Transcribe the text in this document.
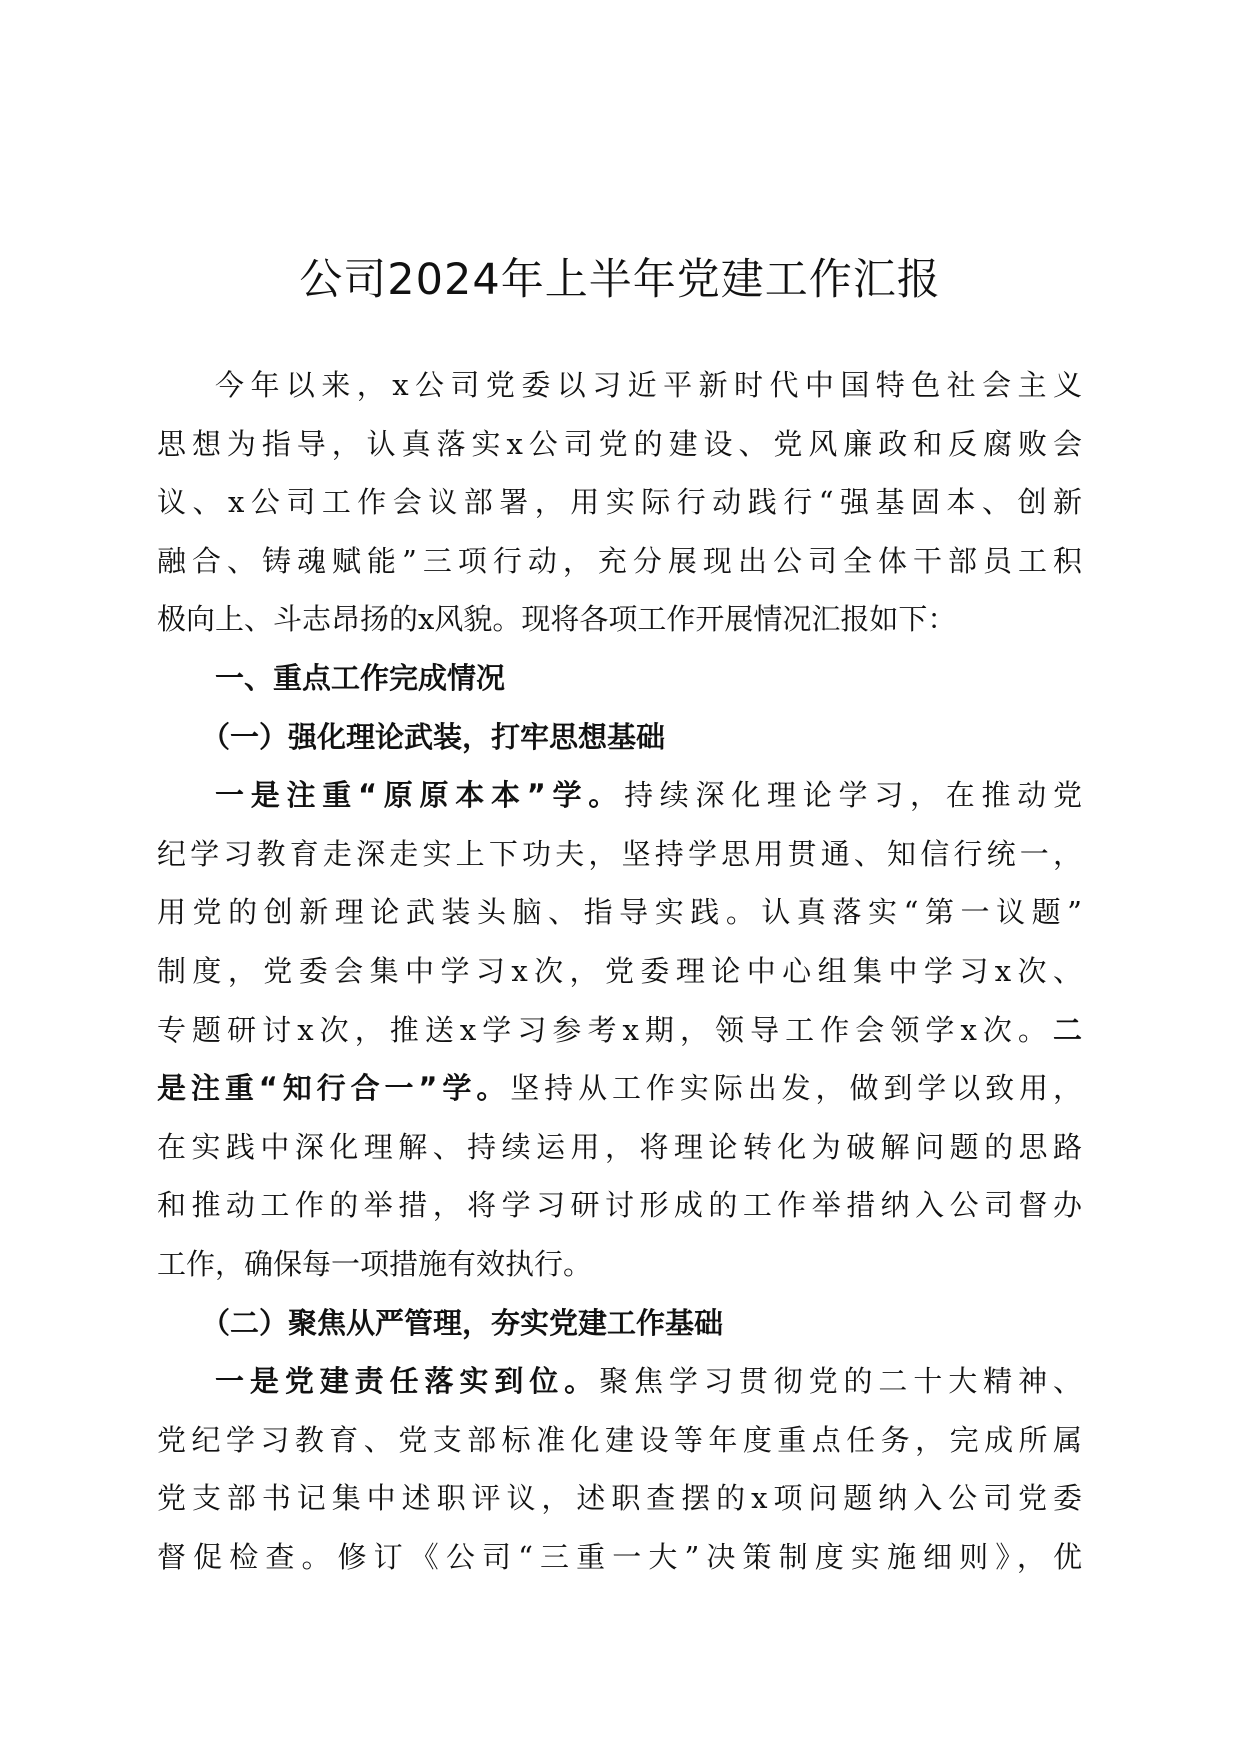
公司2024年上半年党建工作汇报
今年以来，x公司党委以习近平新时代中国特色社会主义
思想为指导，认真落实x公司党的建设、党风廉政和反腐败会
议、x公司工作会议部署，用实际行动践行“强基固本、创新
融合、铸魂赋能”三项行动，充分展现出公司全体干部员工积
极向上、斗志昂扬的x风貌。现将各项工作开展情况汇报如下：
一、重点工作完成情况
（一）强化理论武装，打牢思想基础
一是注重“原原本本”学。持续深化理论学习，在推动党
纪学习教育走深走实上下功夫，坚持学思用贯通、知信行统一，
用党的创新理论武装头脑、指导实践。认真落实“第一议题”
制度，党委会集中学习x次，党委理论中心组集中学习x次、
专题研讨x次，推送x学习参考x期，领导工作会领学x次。二
是注重“知行合一”学。坚持从工作实际出发，做到学以致用，
在实践中深化理解、持续运用，将理论转化为破解问题的思路
和推动工作的举措，将学习研讨形成的工作举措纳入公司督办
工作，确保每一项措施有效执行。
（二）聚焦从严管理，夯实党建工作基础
一是党建责任落实到位。聚焦学习贯彻党的二十大精神、
党纪学习教育、党支部标准化建设等年度重点任务，完成所属
党支部书记集中述职评议，述职查摆的x项问题纳入公司党委
督促检查。修订《公司“三重一大”决策制度实施细则》，优
